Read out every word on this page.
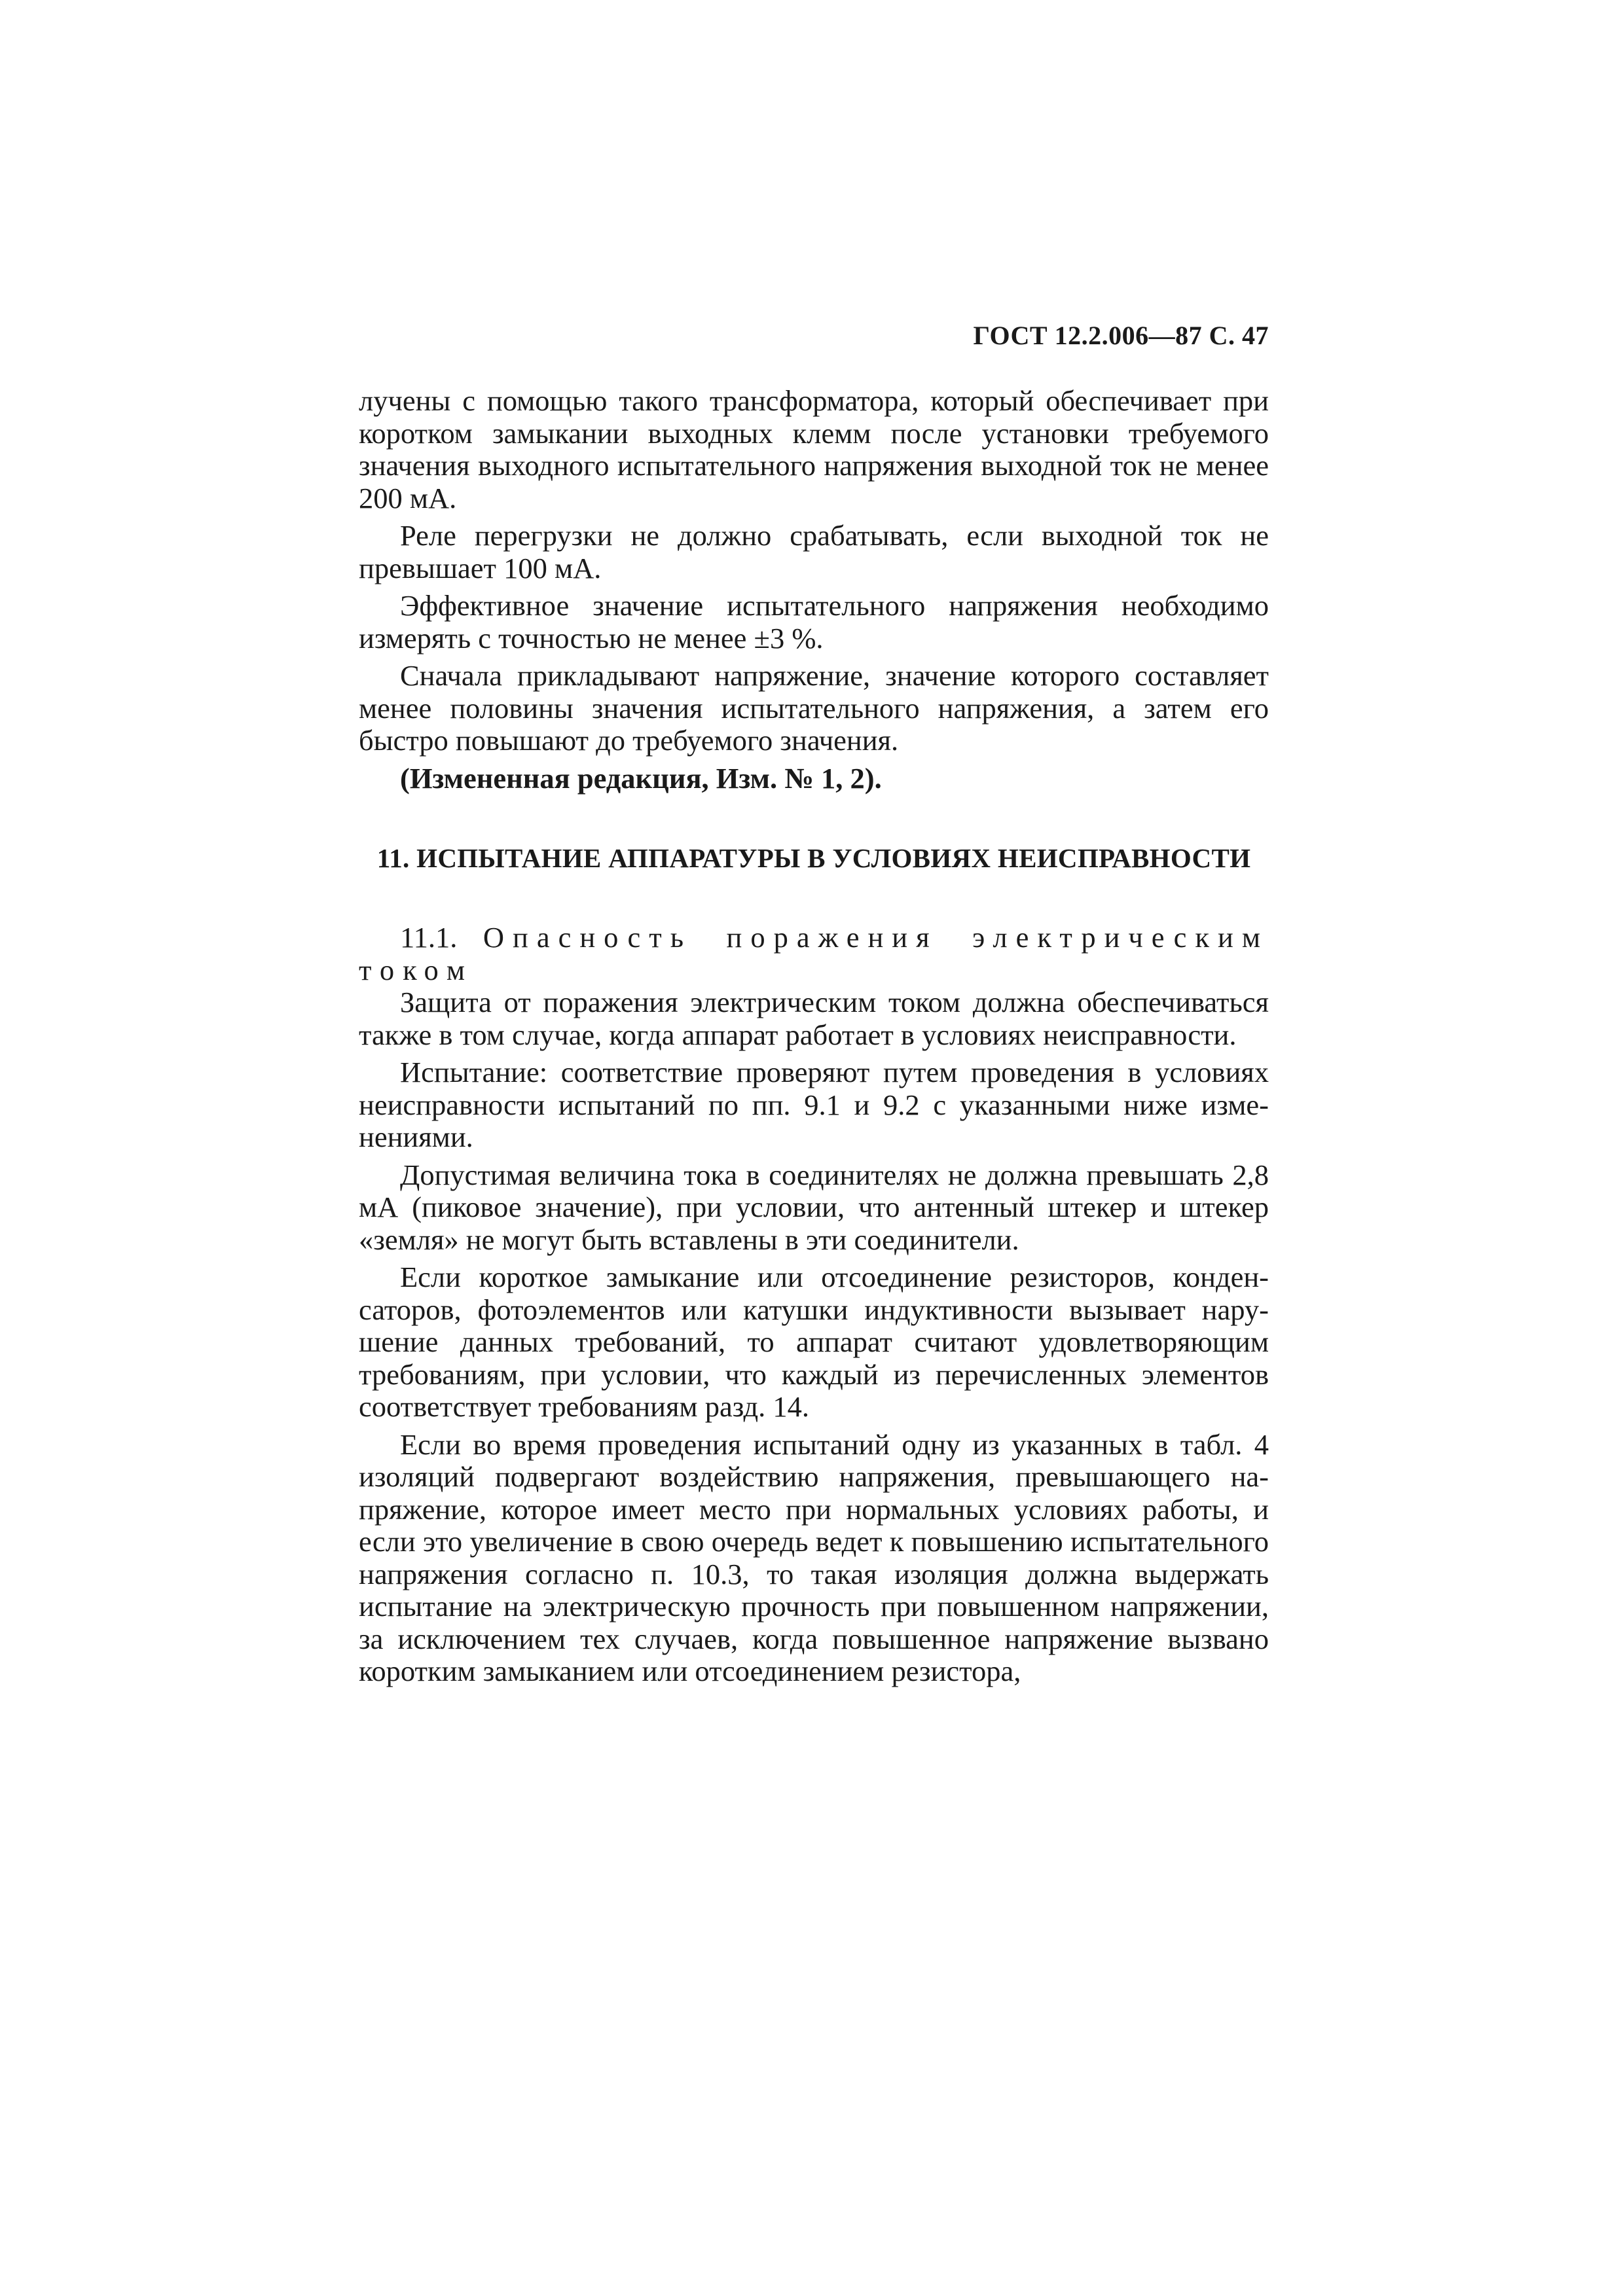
ГОСТ 12.2.006—87 С. 47

лучены с помощью такого трансформатора, который обеспечивает при коротком замыкании выходных клемм после установки требуемого значения выходного испытательного напряжения выходной ток не менее 200 мА.

Реле перегрузки не должно срабатывать, если выходной ток не превышает 100 мА.

Эффективное значение испытательного напряжения необходимо измерять с точностью не менее ±3 %.

Сначала прикладывают напряжение, значение которого составляет менее половины значения испытательного напряжения, а затем его быстро повышают до требуемого значения.

(Измененная редакция, Изм. № 1, 2).

11. ИСПЫТАНИЕ АППАРАТУРЫ В УСЛОВИЯХ НЕИСПРАВНОСТИ

11.1. Опасность поражения электрическим током

Защита от поражения электрическим током должна обеспечиваться также в том случае, когда аппарат работает в условиях неисправности.

Испытание: соответствие проверяют путем проведения в условиях неисправности испытаний по пп. 9.1 и 9.2 с указанными ниже изменениями.

Допустимая величина тока в соединителях не должна превышать 2,8 мА (пиковое значение), при условии, что антенный штекер и штекер «земля» не могут быть вставлены в эти соединители.

Если короткое замыкание или отсоединение резисторов, конденсаторов, фотоэлементов или катушки индуктивности вызывает нарушение данных требований, то аппарат считают удовлетворяющим требованиям, при условии, что каждый из перечисленных элементов соответствует требованиям разд. 14.

Если во время проведения испытаний одну из указанных в табл. 4 изоляций подвергают воздействию напряжения, превышающего напряжение, которое имеет место при нормальных условиях работы, и если это увеличение в свою очередь ведет к повышению испытательного напряжения согласно п. 10.3, то такая изоляция должна выдержать испытание на электрическую прочность при повышенном напряжении, за исключением тех случаев, когда повышенное напряжение вызвано коротким замыканием или отсоединением резистора,
